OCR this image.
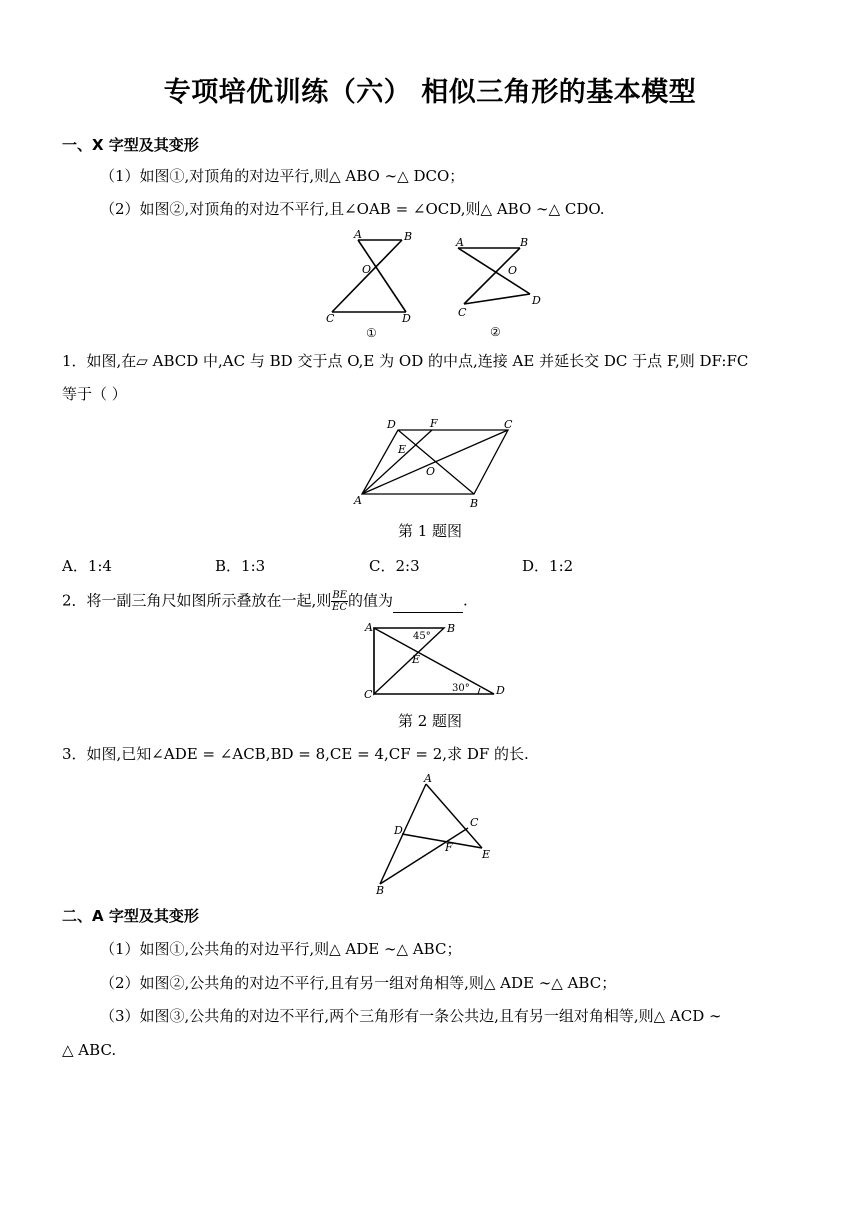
专项培优训练（六） 相似三角形的基本模型
一、X 字型及其变形
（1）如图①,对顶角的对边平行,则△ ABO ∼△ DCO；
（2）如图②,对顶角的对边不平行,且∠OAB = ∠OCD,则△ ABO ∼△ CDO.
A	B
O
C	D
①
A	B
O
D
C
②
1．如图,在▱ ABCD 中,AC 与 BD 交于点 O,E 为 OD 的中点,连接 AE 并延长交 DC 于点 F,则 DF:FC
等于（ ）
D	F	C
E
O
A	B
第 1 题图
A．1:4	B．1:3	C．2:3	D．1:2
2．将一副三角尺如图所示叠放在一起,则 $\frac{BE}{EC}$ 的值为	.
A	B
E
C	D
45°
30°
第 2 题图
3．如图,已知∠ADE = ∠ACB,BD = 8,CE = 4,CF = 2,求 DF 的长.
A
D
C
F
E
B
二、A 字型及其变形
（1）如图①,公共角的对边平行,则△ ADE ∼△ ABC；
（2）如图②,公共角的对边不平行,且有另一组对角相等,则△ ADE ∼△ ABC；
（3）如图③,公共角的对边不平行,两个三角形有一条公共边,且有另一组对角相等,则△ ACD ∼
△ ABC.
